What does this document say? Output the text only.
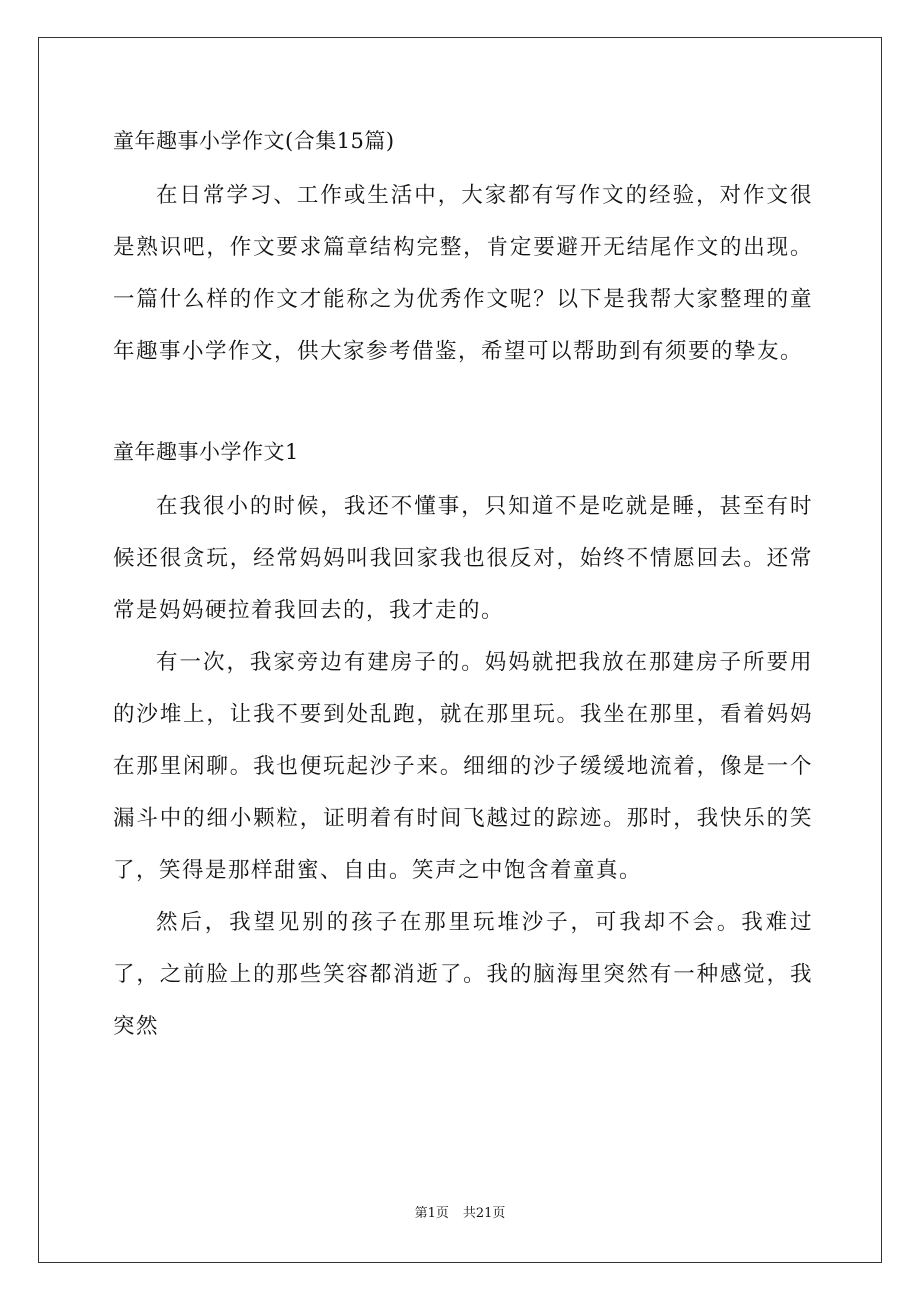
童年趣事小学作文(合集15篇)

在日常学习、工作或生活中，大家都有写作文的经验，对作文很是熟识吧，作文要求篇章结构完整，肯定要避开无结尾作文的出现。一篇什么样的作文才能称之为优秀作文呢？以下是我帮大家整理的童年趣事小学作文，供大家参考借鉴，希望可以帮助到有须要的挚友。

童年趣事小学作文1

在我很小的时候，我还不懂事，只知道不是吃就是睡，甚至有时候还很贪玩，经常妈妈叫我回家我也很反对，始终不情愿回去。还常常是妈妈硬拉着我回去的，我才走的。

有一次，我家旁边有建房子的。妈妈就把我放在那建房子所要用的沙堆上，让我不要到处乱跑，就在那里玩。我坐在那里，看着妈妈在那里闲聊。我也便玩起沙子来。细细的沙子缓缓地流着，像是一个漏斗中的细小颗粒，证明着有时间飞越过的踪迹。那时，我快乐的笑了，笑得是那样甜蜜、自由。笑声之中饱含着童真。

然后，我望见别的孩子在那里玩堆沙子，可我却不会。我难过了，之前脸上的那些笑容都消逝了。我的脑海里突然有一种感觉，我突然

第1页 共21页
